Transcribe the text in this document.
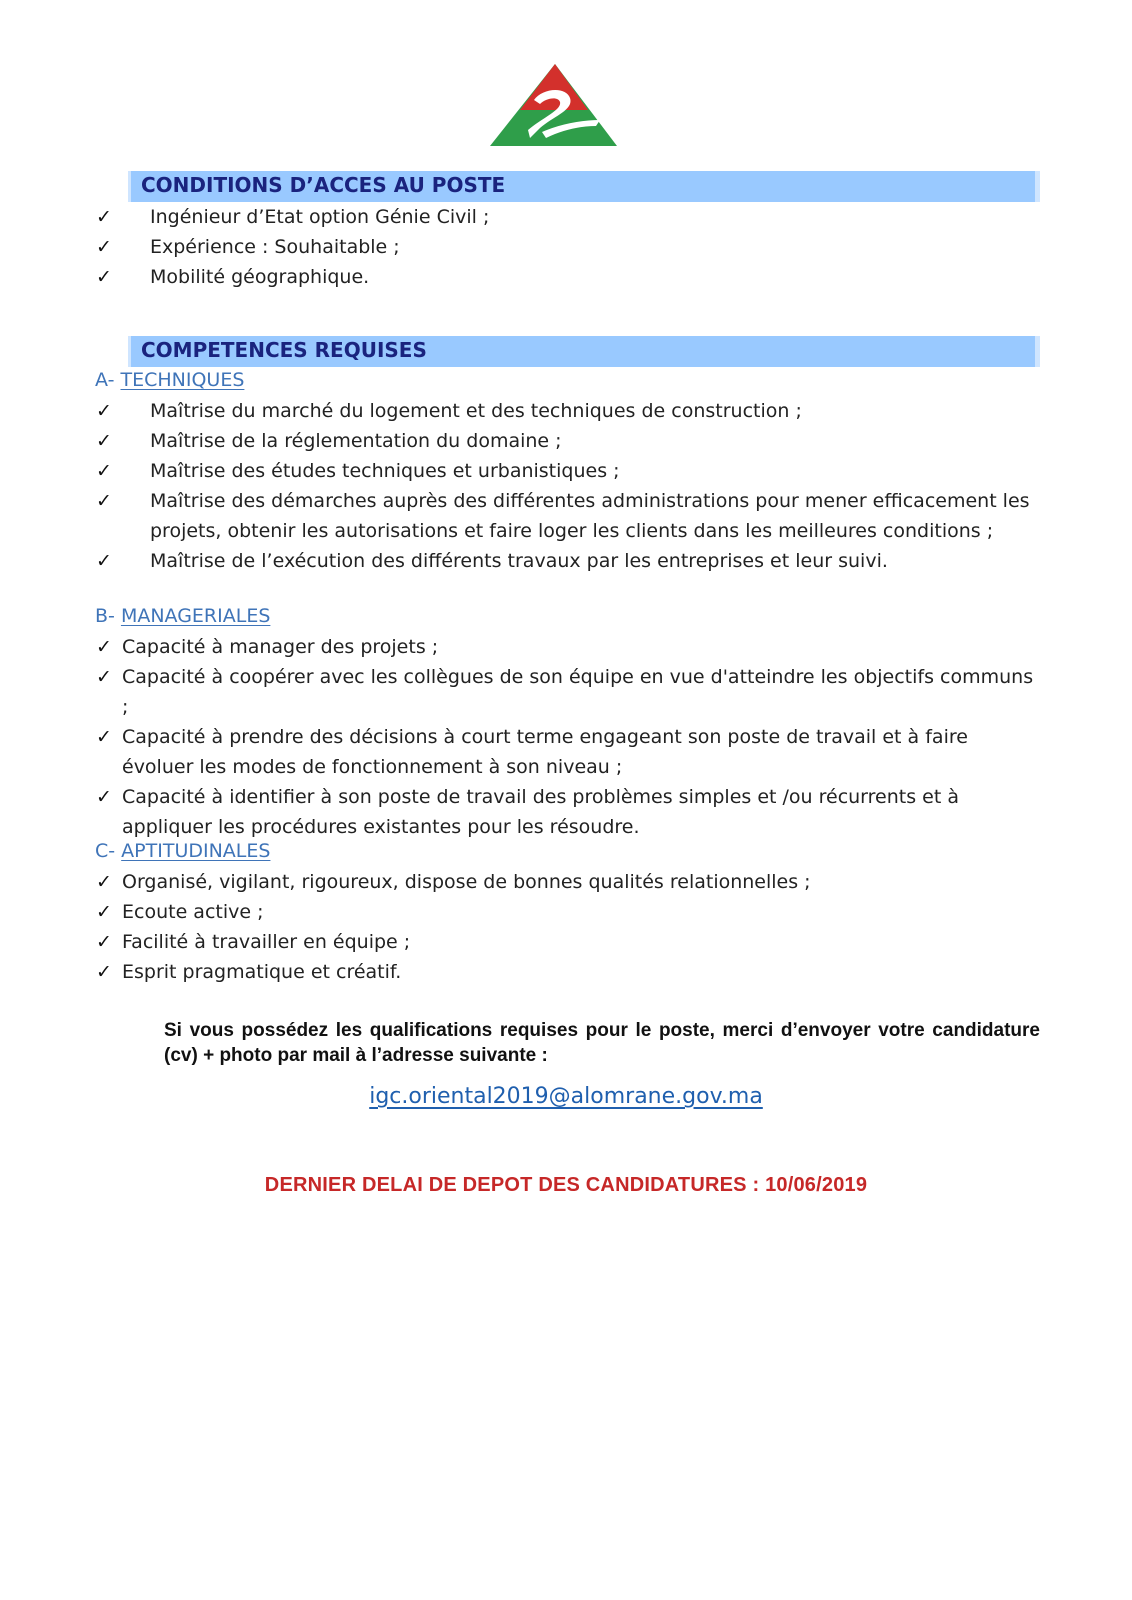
CONDITIONS D’ACCES AU POSTE
✓ Ingénieur d’Etat option Génie Civil ;
✓ Expérience : Souhaitable ;
✓ Mobilité géographique.
COMPETENCES REQUISES
A- TECHNIQUES
✓ Maîtrise du marché du logement et des techniques de construction ;
✓ Maîtrise de la réglementation du domaine ;
✓ Maîtrise des études techniques et urbanistiques ;
✓ Maîtrise des démarches auprès des différentes administrations pour mener efficacement les projets, obtenir les autorisations et faire loger les clients dans les meilleures conditions ;
✓ Maîtrise de l’exécution des différents travaux par les entreprises et leur suivi.
B- MANAGERIALES
✓ Capacité à manager des projets ;
✓ Capacité à coopérer avec les collègues de son équipe en vue d'atteindre les objectifs communs ;
✓ Capacité à prendre des décisions à court terme engageant son poste de travail et à faire évoluer les modes de fonctionnement à son niveau ;
✓ Capacité à identifier à son poste de travail des problèmes simples et /ou récurrents et à appliquer les procédures existantes pour les résoudre.
C- APTITUDINALES
✓ Organisé, vigilant, rigoureux, dispose de bonnes qualités relationnelles ;
✓ Ecoute active ;
✓ Facilité à travailler en équipe ;
✓ Esprit pragmatique et créatif.
Si vous possédez les qualifications requises pour le poste, merci d’envoyer votre candidature (cv) + photo par mail à l’adresse suivante :
igc.oriental2019@alomrane.gov.ma
DERNIER DELAI DE DEPOT DES CANDIDATURES : 10/06/2019
